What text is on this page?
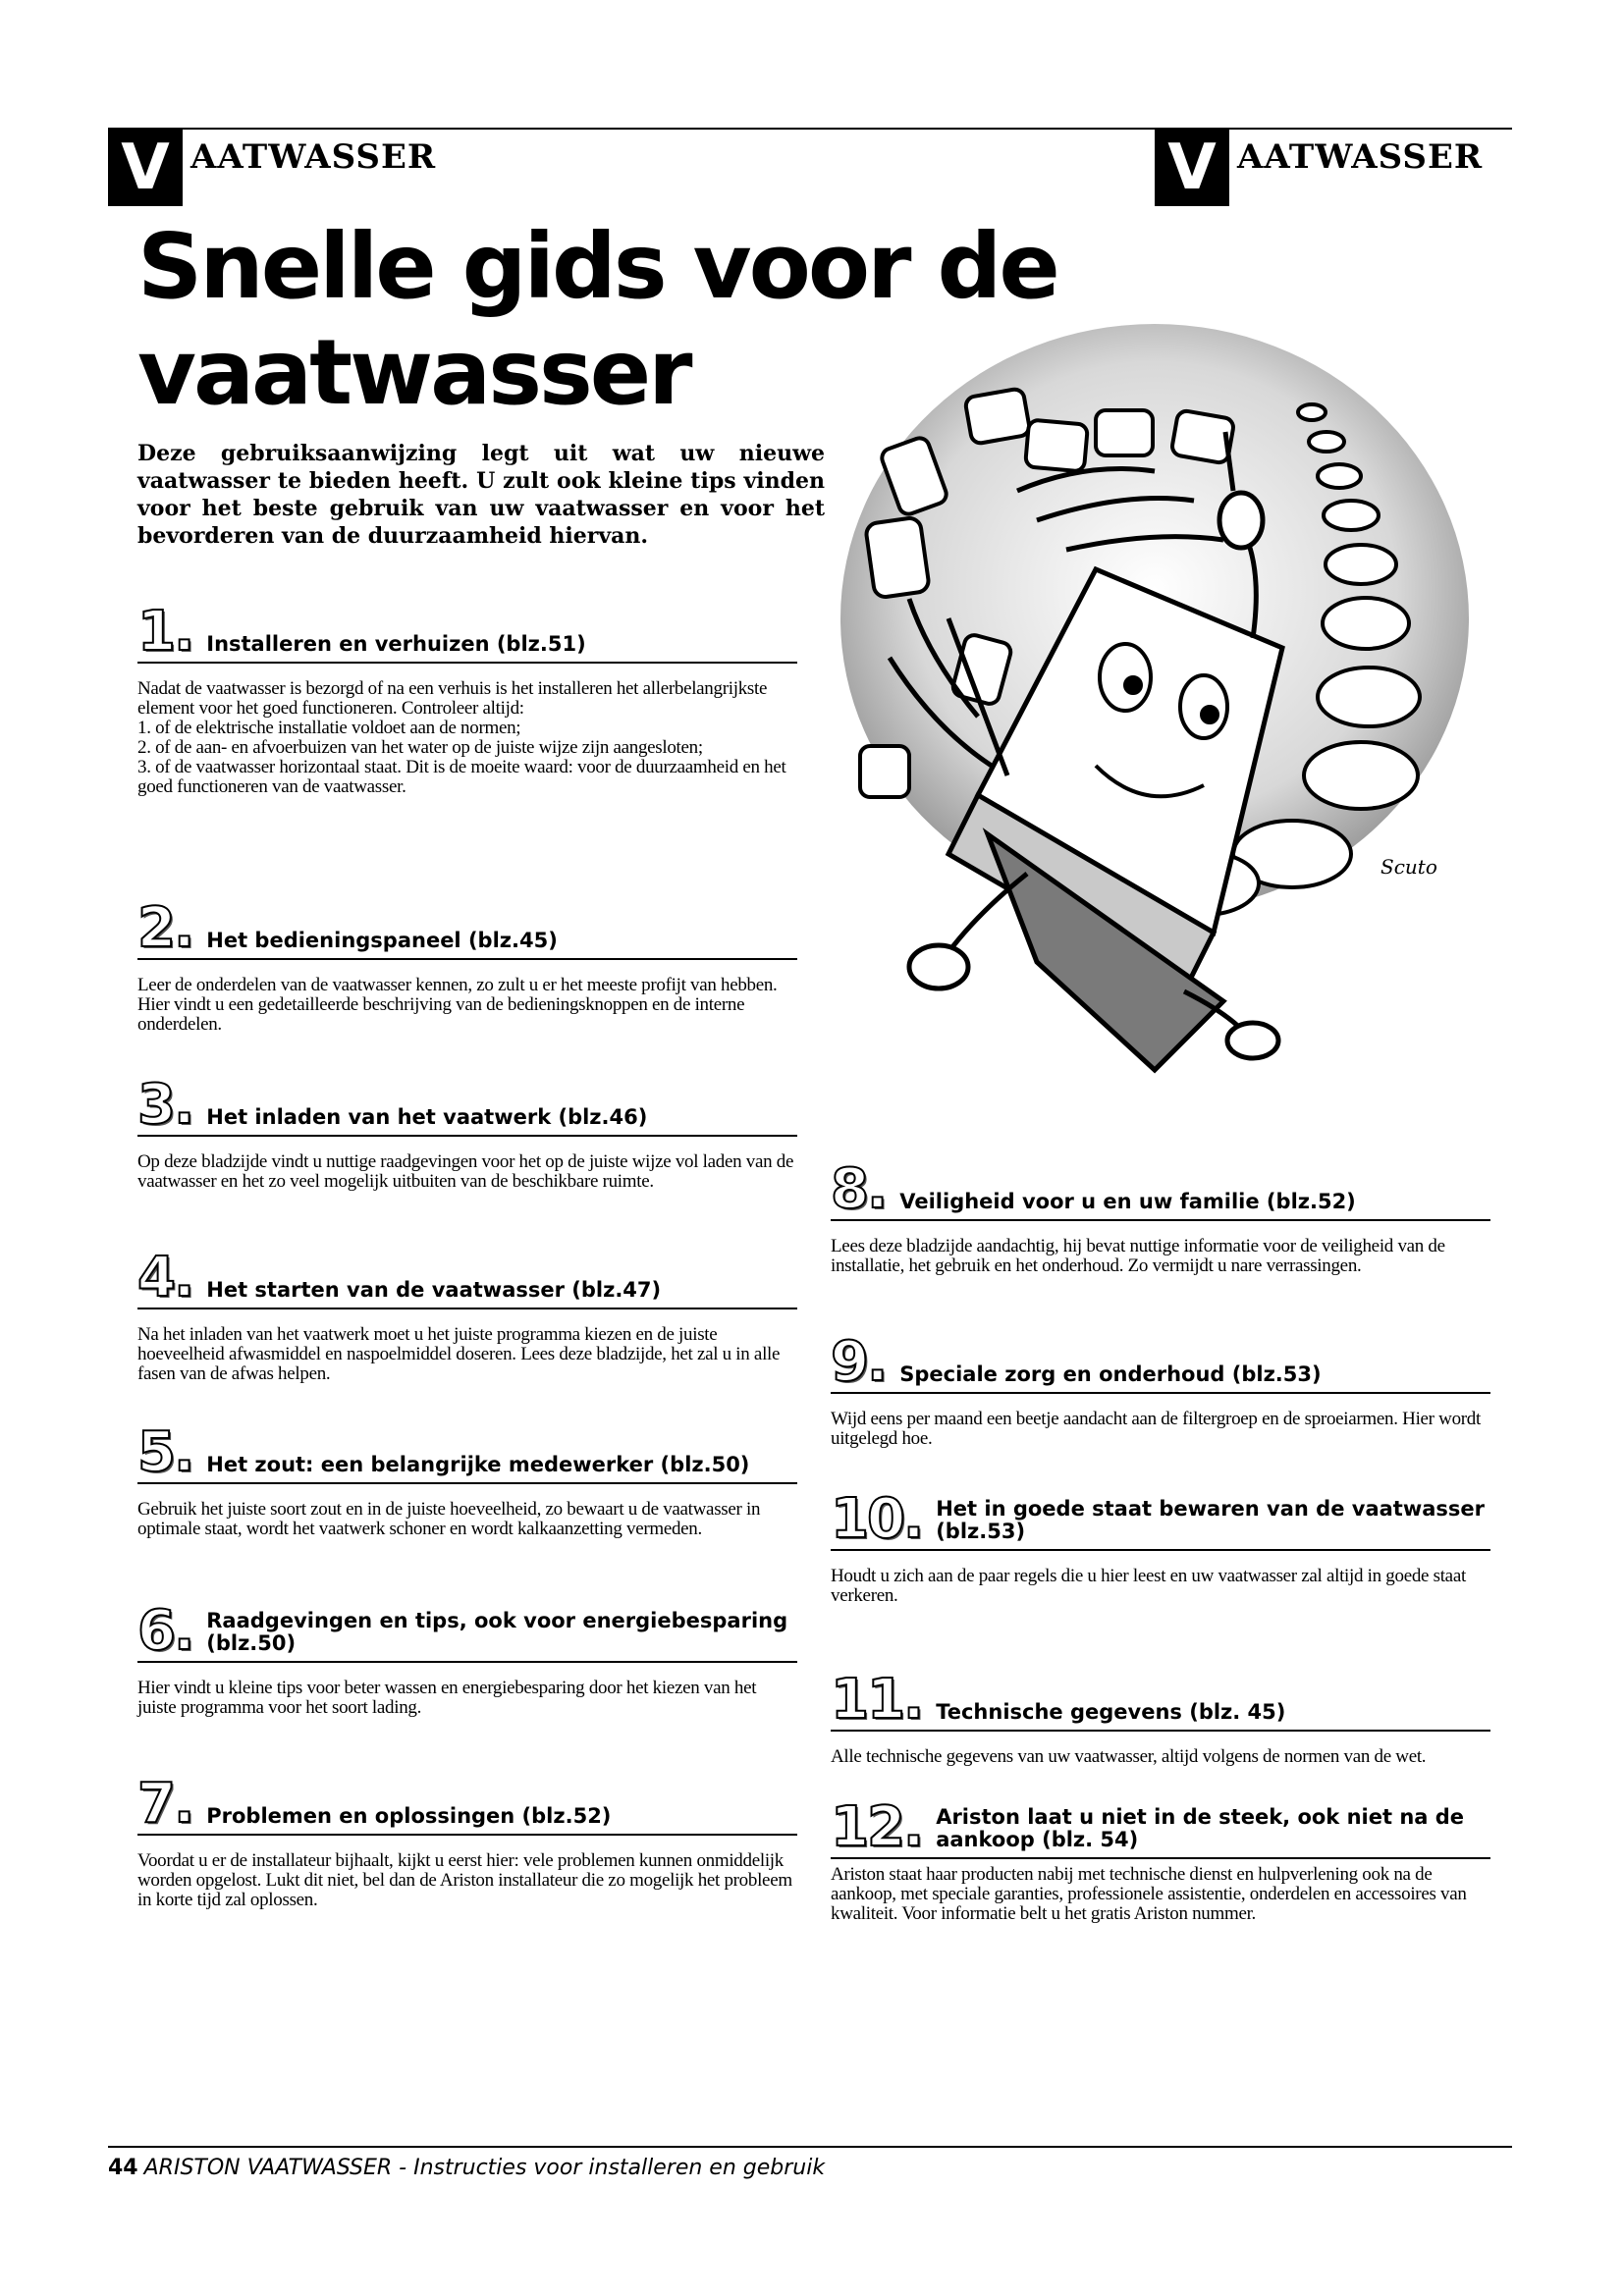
V AATWASSER	V AATWASSER
Snelle gids voor de vaatwasser
Deze gebruiksaanwijzing legt uit wat uw nieuwe vaatwasser te bieden heeft. U zult ook kleine tips vinden voor het beste gebruik van uw vaatwasser en voor het bevorderen van de duurzaamheid hiervan.
Scuto
1. Installeren en verhuizen (blz.51)
Nadat de vaatwasser is bezorgd of na een verhuis is het installeren het allerbelangrijkste element voor het goed functioneren. Controleer altijd:
1. of de elektrische installatie voldoet aan de normen;
2. of de aan- en afvoerbuizen van het water op de juiste wijze zijn aangesloten;
3. of de vaatwasser horizontaal staat. Dit is de moeite waard: voor de duurzaamheid en het goed functioneren van de vaatwasser.
2. Het bedieningspaneel (blz.45)
Leer de onderdelen van de vaatwasser kennen, zo zult u er het meeste profijt van hebben. Hier vindt u een gedetailleerde beschrijving van de bedieningsknoppen en de interne onderdelen.
3. Het inladen van het vaatwerk (blz.46)
Op deze bladzijde vindt u nuttige raadgevingen voor het op de juiste wijze vol laden van de vaatwasser en het zo veel mogelijk uitbuiten van de beschikbare ruimte.
4. Het starten van de vaatwasser (blz.47)
Na het inladen van het vaatwerk moet u het juiste programma kiezen en de juiste hoeveelheid afwasmiddel en naspoelmiddel doseren. Lees deze bladzijde, het zal u in alle fasen van de afwas helpen.
5. Het zout: een belangrijke medewerker (blz.50)
Gebruik het juiste soort zout en in de juiste hoeveelheid, zo bewaart u de vaatwasser in optimale staat, wordt het vaatwerk schoner en wordt kalkaanzetting vermeden.
6. Raadgevingen en tips, ook voor energiebesparing (blz.50)
Hier vindt u kleine tips voor beter wassen en energiebesparing door het kiezen van het juiste programma voor het soort lading.
7. Problemen en oplossingen (blz.52)
Voordat u er de installateur bijhaalt, kijkt u eerst hier: vele problemen kunnen onmiddelijk worden opgelost. Lukt dit niet, bel dan de Ariston installateur die zo mogelijk het probleem in korte tijd zal oplossen.
8. Veiligheid voor u en uw familie (blz.52)
Lees deze bladzijde aandachtig, hij bevat nuttige informatie voor de veiligheid van de installatie, het gebruik en het onderhoud. Zo vermijdt u nare verrassingen.
9. Speciale zorg en onderhoud (blz.53)
Wijd eens per maand een beetje aandacht aan de filtergroep en de sproeiarmen. Hier wordt uitgelegd hoe.
10. Het in goede staat bewaren van de vaatwasser (blz.53)
Houdt u zich aan de paar regels die u hier leest en uw vaatwasser zal altijd in goede staat verkeren.
11. Technische gegevens (blz. 45)
Alle technische gegevens van uw vaatwasser, altijd volgens de normen van de wet.
12. Ariston laat u niet in de steek, ook niet na de aankoop (blz. 54)
Ariston staat haar producten nabij met technische dienst en hulpverlening ook na de aankoop, met speciale garanties, professionele assistentie, onderdelen en accessoires van kwaliteit. Voor informatie belt u het gratis Ariston nummer.
44 ARISTON VAATWASSER - Instructies voor installeren en gebruik
